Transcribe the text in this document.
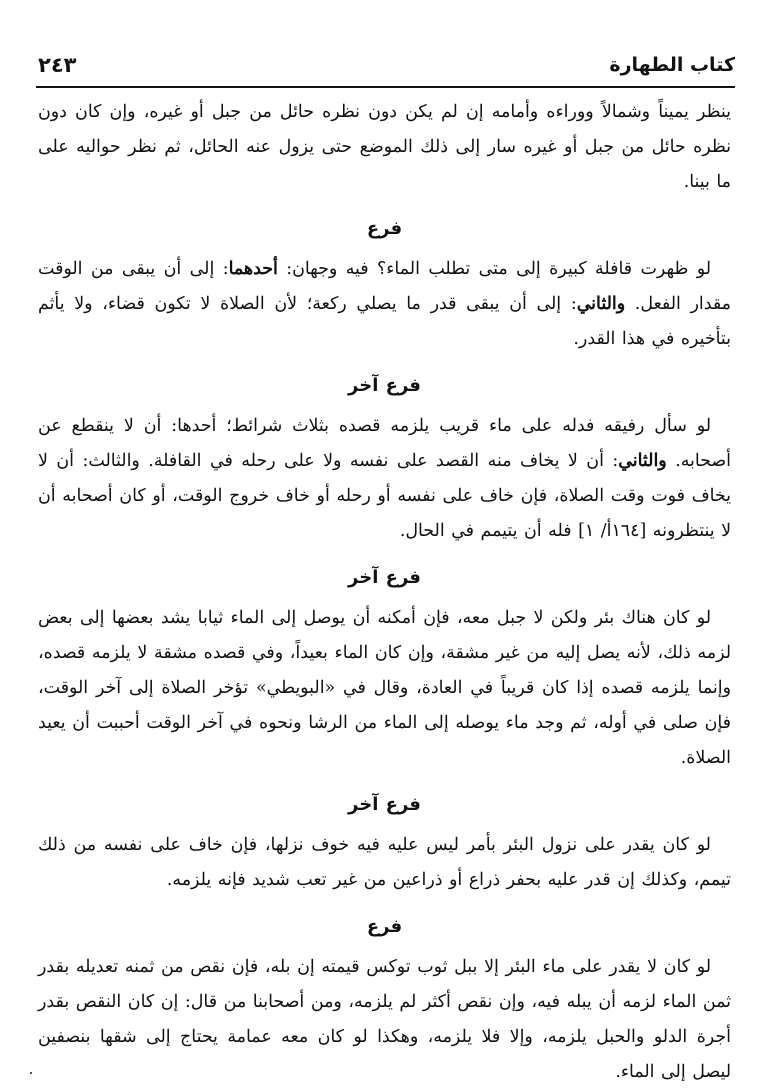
كتاب الطهارة
٢٤٣

ينظر يميناً وشمالاً ووراءه وأمامه إن لم يكن دون نظره حائل من جبل أو غيره، وإن كان دون نظره حائل من جبل أو غيره سار إلى ذلك الموضع حتى يزول عنه الحائل، ثم نظر حواليه على ما بينا.

فرع

لو ظهرت قافلة كبيرة إلى متى تطلب الماء؟ فيه وجهان: أحدهما: إلى أن يبقى من الوقت مقدار الفعل. والثاني: إلى أن يبقى قدر ما يصلي ركعة؛ لأن الصلاة لا تكون قضاء، ولا يأثم بتأخيره في هذا القدر.

فرع آخر

لو سأل رفيقه فدله على ماء قريب يلزمه قصده بثلاث شرائط؛ أحدها: أن لا ينقطع عن أصحابه. والثاني: أن لا يخاف منه القصد على نفسه ولا على رحله في القافلة. والثالث: أن لا يخاف فوت وقت الصلاة، فإن خاف على نفسه أو رحله أو خاف خروج الوقت، أو كان أصحابه أن لا ينتظرونه [١٦٤أ/ ١] فله أن يتيمم في الحال.

فرع آخر

لو كان هناك بئر ولكن لا جبل معه، فإن أمكنه أن يوصل إلى الماء ثيابا يشد بعضها إلى بعض لزمه ذلك، لأنه يصل إليه من غير مشقة، وإن كان الماء بعيداً، وفي قصده مشقة لا يلزمه قصده، وإنما يلزمه قصده إذا كان قريباً في العادة، وقال في «البويطي» تؤخر الصلاة إلى آخر الوقت، فإن صلى في أوله، ثم وجد ماء يوصله إلى الماء من الرشا ونحوه في آخر الوقت أحببت أن يعيد الصلاة.

فرع آخر

لو كان يقدر على نزول البئر بأمر ليس عليه فيه خوف نزلها، فإن خاف على نفسه من ذلك تيمم، وكذلك إن قدر عليه بحفر ذراع أو ذراعين من غير تعب شديد فإنه يلزمه.

فرع

لو كان لا يقدر على ماء البئر إلا ببل ثوب توكس قيمته إن بله، فإن نقص من ثمنه تعديله بقدر ثمن الماء لزمه أن يبله فيه، وإن نقص أكثر لم يلزمه، ومن أصحابنا من قال: إن كان النقص بقدر أجرة الدلو والحبل يلزمه، وإلا فلا يلزمه، وهكذا لو كان معه عمامة يحتاج إلى شقها بنصفين ليصل إلى الماء.
